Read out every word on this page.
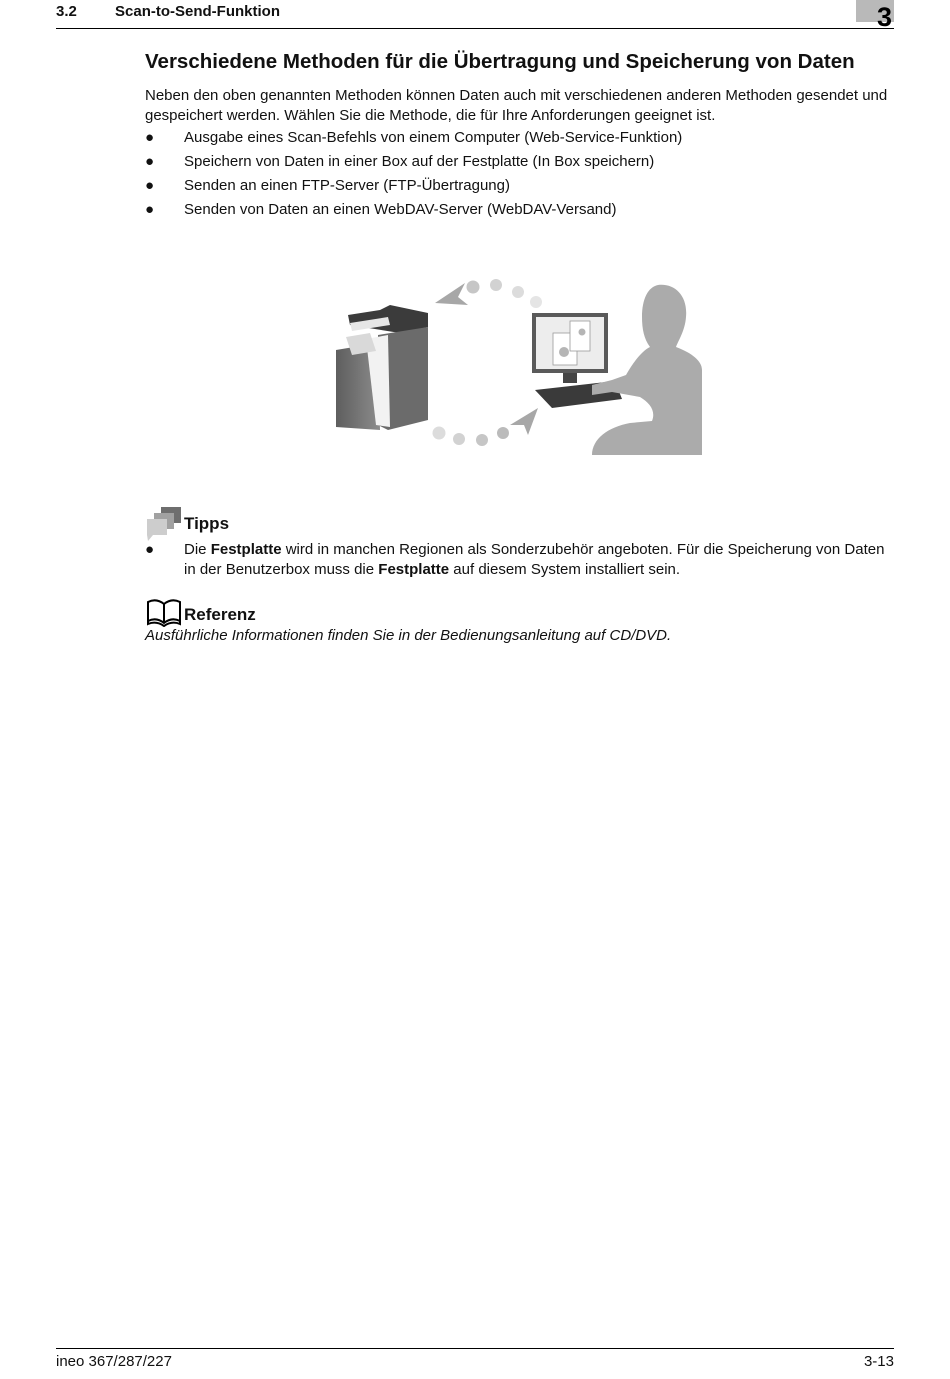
3.2	Scan-to-Send-Funktion	3
Verschiedene Methoden für die Übertragung und Speicherung von Daten

Neben den oben genannten Methoden können Daten auch mit verschiedenen anderen Methoden gesendet und gespeichert werden. Wählen Sie die Methode, die für Ihre Anforderungen geeignet ist.

● Ausgabe eines Scan-Befehls von einem Computer (Web-Service-Funktion)
● Speichern von Daten in einer Box auf der Festplatte (In Box speichern)
● Senden an einen FTP-Server (FTP-Übertragung)
● Senden von Daten an einen WebDAV-Server (WebDAV-Versand)
Tipps
● Die Festplatte wird in manchen Regionen als Sonderzubehör angeboten. Für die Speicherung von Daten in der Benutzerbox muss die Festplatte auf diesem System installiert sein.
Referenz

Ausführliche Informationen finden Sie in der Bedienungsanleitung auf CD/DVD.

ineo 367/287/227	3-13
